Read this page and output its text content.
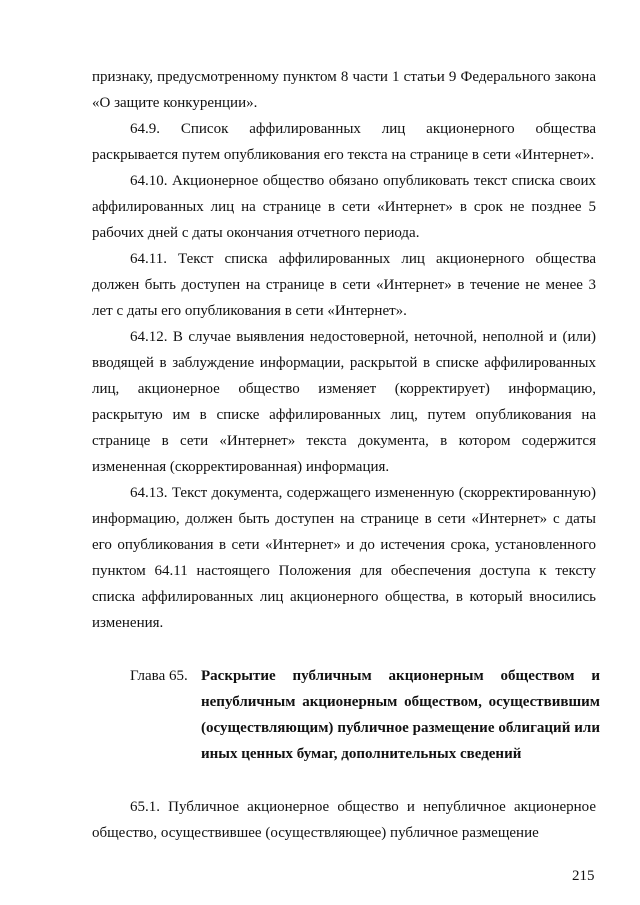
признаку, предусмотренному пунктом 8 части 1 статьи 9 Федерального закона «О защите конкуренции».

64.9. Список аффилированных лиц акционерного общества раскрывается путем опубликования его текста на странице в сети «Интернет».

64.10. Акционерное общество обязано опубликовать текст списка своих аффилированных лиц на странице в сети «Интернет» в срок не позднее 5 рабочих дней с даты окончания отчетного периода.

64.11. Текст списка аффилированных лиц акционерного общества должен быть доступен на странице в сети «Интернет» в течение не менее 3 лет с даты его опубликования в сети «Интернет».

64.12. В случае выявления недостоверной, неточной, неполной и (или) вводящей в заблуждение информации, раскрытой в списке аффилированных лиц, акционерное общество изменяет (корректирует) информацию, раскрытую им в списке аффилированных лиц, путем опубликования на странице в сети «Интернет» текста документа, в котором содержится измененная (скорректированная) информация.

64.13. Текст документа, содержащего измененную (скорректированную) информацию, должен быть доступен на странице в сети «Интернет» с даты его опубликования в сети «Интернет» и до истечения срока, установленного пунктом 64.11 настоящего Положения для обеспечения доступа к тексту списка аффилированных лиц акционерного общества, в который вносились изменения.

Глава 65. Раскрытие публичным акционерным обществом и непубличным акционерным обществом, осуществившим (осуществляющим) публичное размещение облигаций или иных ценных бумаг, дополнительных сведений

65.1. Публичное акционерное общество и непубличное акционерное общество, осуществившее (осуществляющее) публичное размещение

215
